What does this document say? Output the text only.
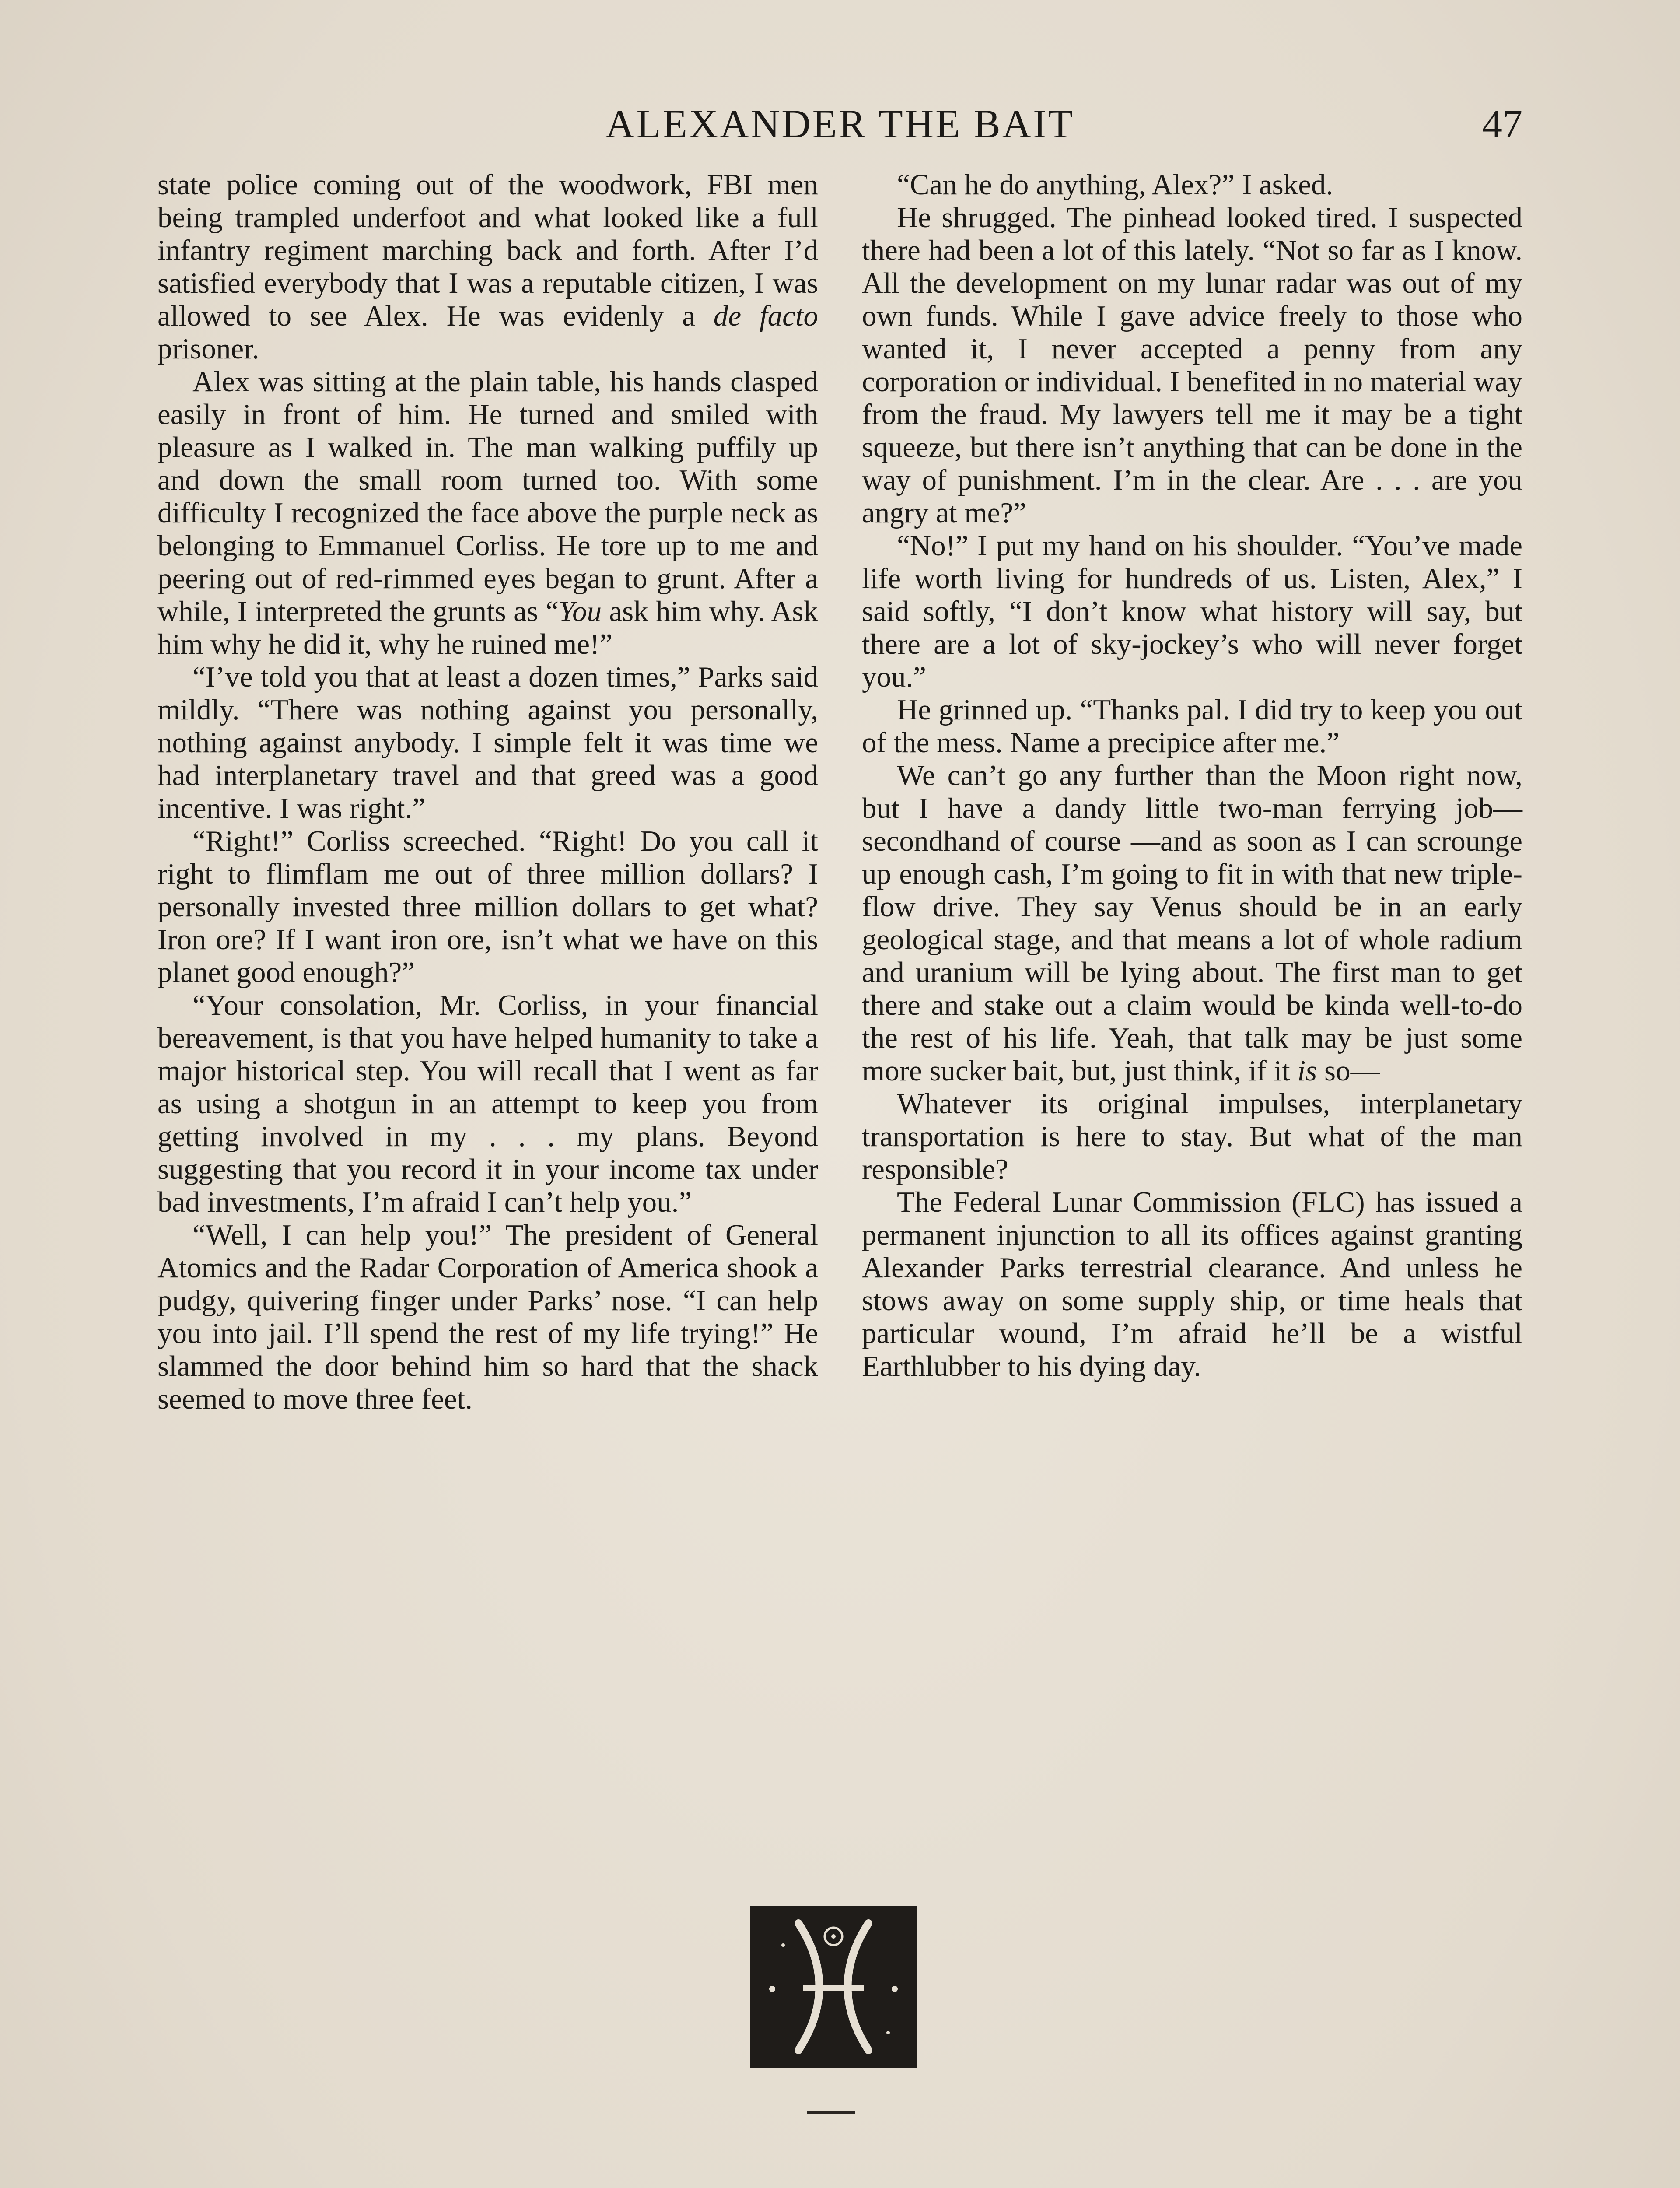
ALEXANDER THE BAIT	47

state police coming out of the woodwork, FBI men being trampled underfoot and what looked like a full infantry regiment marching back and forth. After I’d satisfied everybody that I was a reputable citizen, I was allowed to see Alex. He was evidenly a de facto prisoner.

Alex was sitting at the plain table, his hands clasped easily in front of him. He turned and smiled with pleasure as I walked in. The man walking puffily up and down the small room turned too. With some difficulty I recognized the face above the purple neck as belonging to Emmanuel Corliss. He tore up to me and peering out of red-rimmed eyes began to grunt. After a while, I interpreted the grunts as “You ask him why. Ask him why he did it, why he ruined me!”

“I’ve told you that at least a dozen times,” Parks said mildly. “There was nothing against you personally, nothing against anybody. I simple felt it was time we had interplanetary travel and that greed was a good incentive. I was right.”

“Right!” Corliss screeched. “Right! Do you call it right to flimflam me out of three million dollars? I personally invested three million dollars to get what? Iron ore? If I want iron ore, isn’t what we have on this planet good enough?”

“Your consolation, Mr. Corliss, in your financial bereavement, is that you have helped humanity to take a major historical step. You will recall that I went as far as using a shotgun in an attempt to keep you from getting involved in my . . . my plans. Beyond suggesting that you record it in your income tax under bad investments, I’m afraid I can’t help you.”

“Well, I can help you!” The president of General Atomics and the Radar Corporation of America shook a pudgy, quivering finger under Parks’ nose. “I can help you into jail. I’ll spend the rest of my life trying!” He slammed the door behind him so hard that the shack seemed to move three feet.

“Can he do anything, Alex?” I asked.

He shrugged. The pinhead looked tired. I suspected there had been a lot of this lately. “Not so far as I know. All the development on my lunar radar was out of my own funds. While I gave advice freely to those who wanted it, I never accepted a penny from any corporation or individual. I benefited in no material way from the fraud. My lawyers tell me it may be a tight squeeze, but there isn’t anything that can be done in the way of punishment. I’m in the clear. Are . . . are you angry at me?”

“No!” I put my hand on his shoulder. “You’ve made life worth living for hundreds of us. Listen, Alex,” I said softly, “I don’t know what history will say, but there are a lot of sky-jockey’s who will never forget you.”

He grinned up. “Thanks pal. I did try to keep you out of the mess. Name a precipice after me.”

We can’t go any further than the Moon right now, but I have a dandy little two-man ferrying job—secondhand of course —and as soon as I can scrounge up enough cash, I’m going to fit in with that new triple-flow drive. They say Venus should be in an early geological stage, and that means a lot of whole radium and uranium will be lying about. The first man to get there and stake out a claim would be kinda well-to-do the rest of his life. Yeah, that talk may be just some more sucker bait, but, just think, if it is so—

Whatever its original impulses, interplanetary transportation is here to stay. But what of the man responsible?

The Federal Lunar Commission (FLC) has issued a permanent injunction to all its offices against granting Alexander Parks terrestrial clearance. And unless he stows away on some supply ship, or time heals that particular wound, I’m afraid he’ll be a wistful Earthlubber to his dying day.
